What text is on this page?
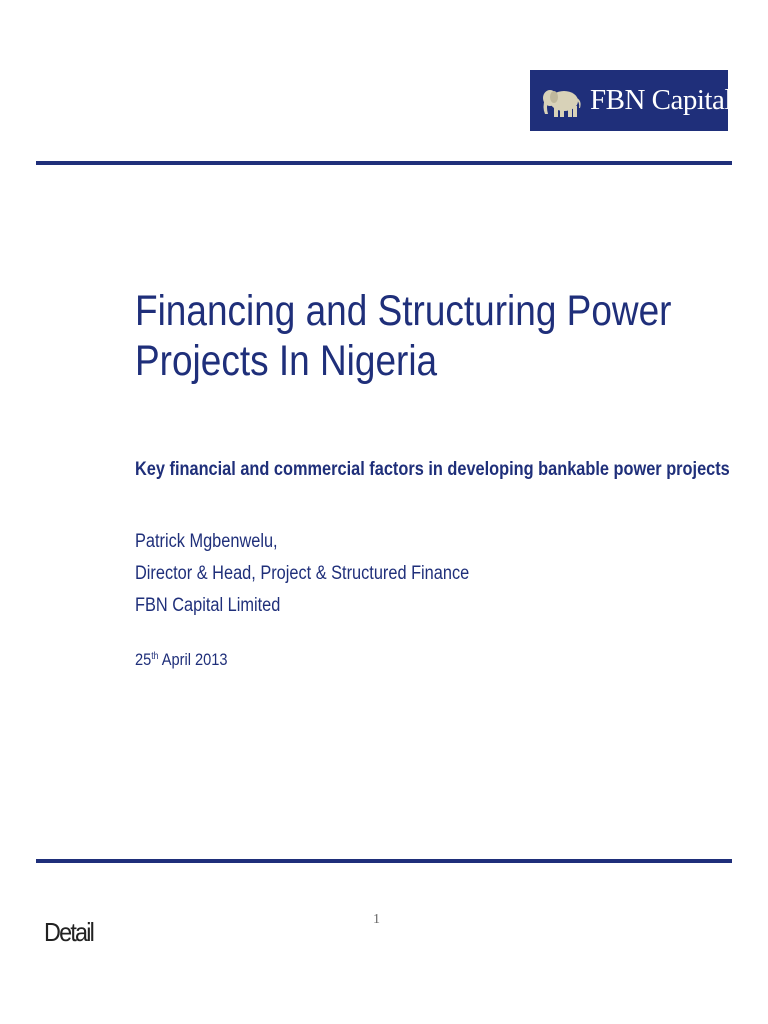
FBN Capital
Financing and Structuring Power
Projects In Nigeria
Key financial and commercial factors in developing bankable power projects
Patrick Mgbenwelu,
Director & Head, Project & Structured Finance
FBN Capital Limited
25th April 2013
Detail	1
